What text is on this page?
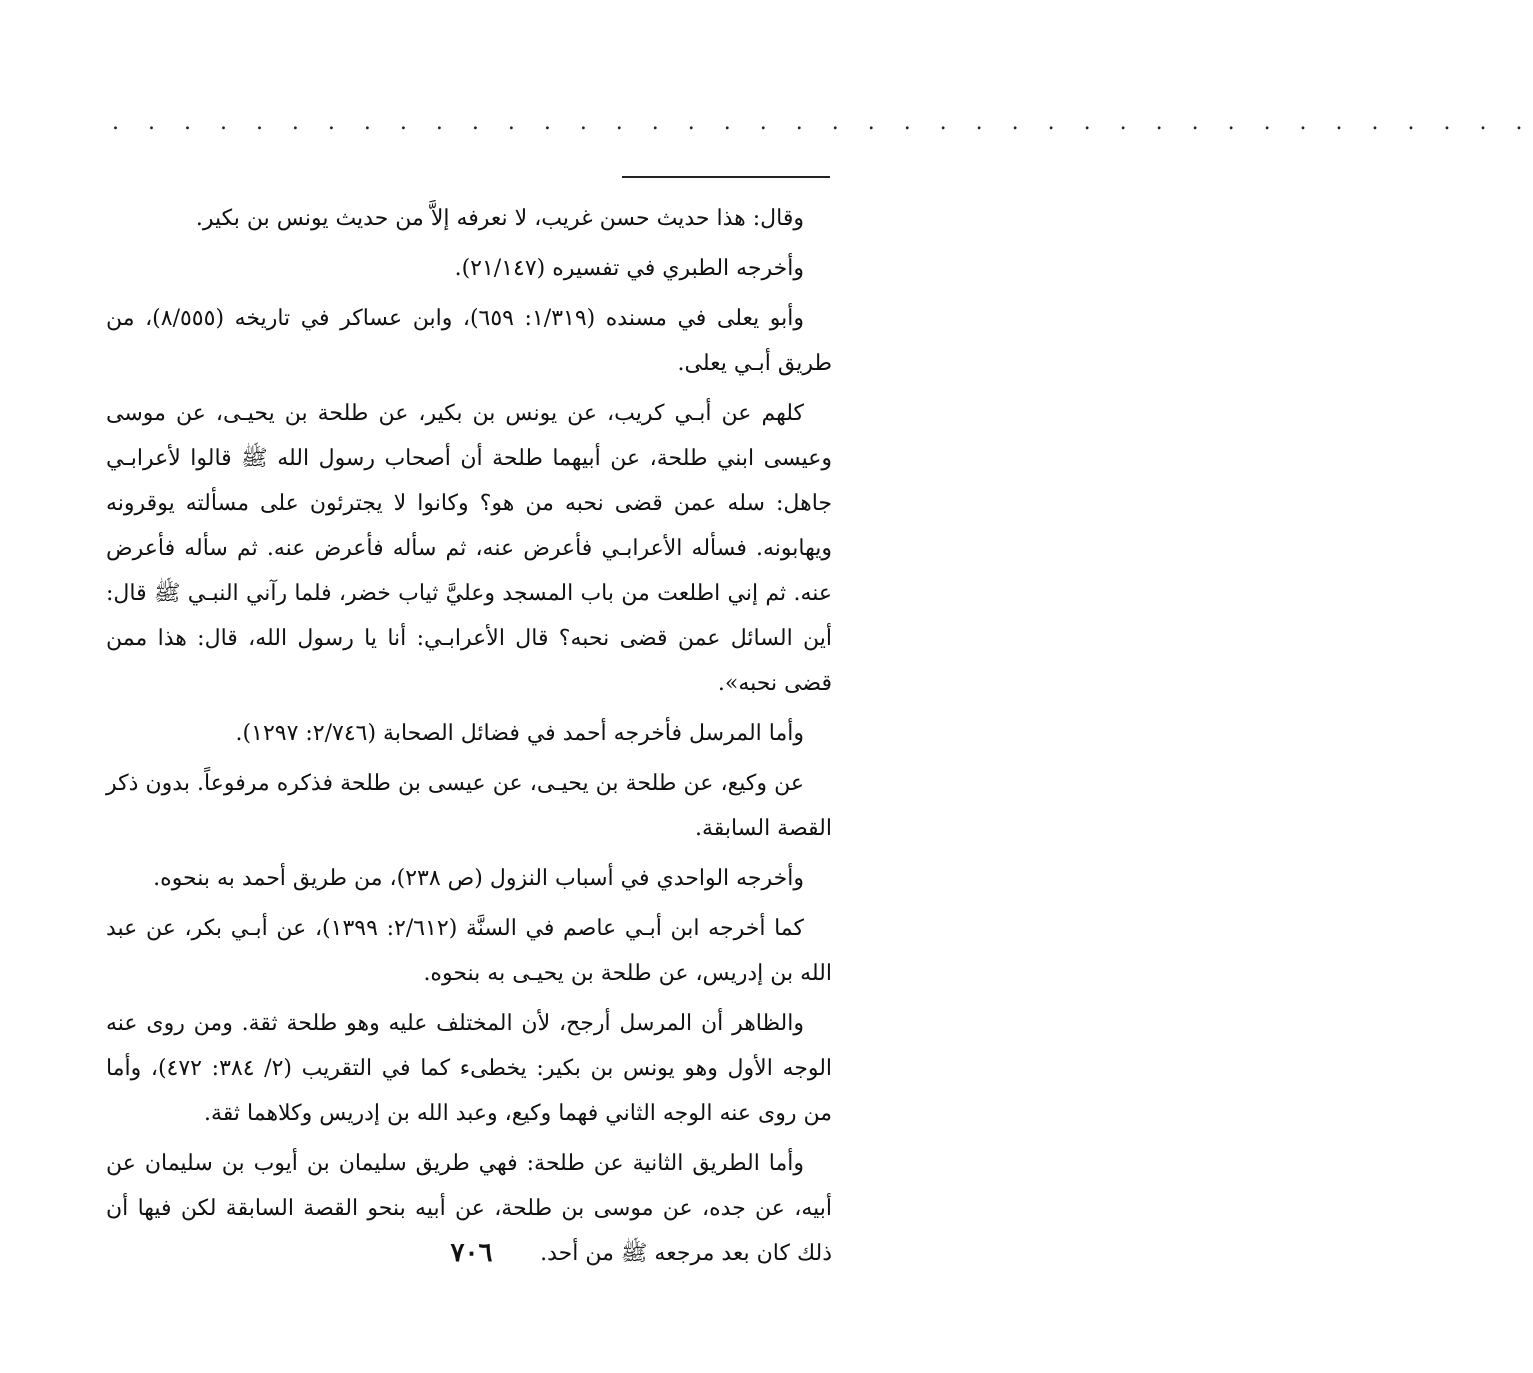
. . . . . . . . . . . . . . . . . . . . . . . . . . . . . . . . . . . . . . . .

وقال: هذا حديث حسن غريب، لا نعرفه إلاَّ من حديث يونس بن بكير.

وأخرجه الطبري في تفسيره (٢١/١٤٧).

وأبو يعلى في مسنده (١/٣١٩: ٦٥٩)، وابن عساكر في تاريخه (٨/٥٥٥)، من طريق أبـي يعلى.

كلهم عن أبـي كريب، عن يونس بن بكير، عن طلحة بن يحيـى، عن موسى وعيسى ابني طلحة، عن أبيهما طلحة أن أصحاب رسول الله ﷺ قالوا لأعرابـي جاهل: سله عمن قضى نحبه من هو؟ وكانوا لا يجترئون على مسألته يوقرونه ويهابونه. فسأله الأعرابـي فأعرض عنه، ثم سأله فأعرض عنه. ثم سأله فأعرض عنه. ثم إني اطلعت من باب المسجد وعليَّ ثياب خضر، فلما رآني النبـي ﷺ قال: أين السائل عمن قضى نحبه؟ قال الأعرابـي: أنا يا رسول الله، قال: هذا ممن قضى نحبه».

وأما المرسل فأخرجه أحمد في فضائل الصحابة (٢/٧٤٦: ١٢٩٧).

عن وكيع، عن طلحة بن يحيـى، عن عيسى بن طلحة فذكره مرفوعاً. بدون ذكر القصة السابقة.

وأخرجه الواحدي في أسباب النزول (ص ٢٣٨)، من طريق أحمد به بنحوه.

كما أخرجه ابن أبـي عاصم في السنَّة (٢/٦١٢: ١٣٩٩)، عن أبـي بكر، عن عبد الله بن إدريس، عن طلحة بن يحيـى به بنحوه.

والظاهر أن المرسل أرجح، لأن المختلف عليه وهو طلحة ثقة. ومن روى عنه الوجه الأول وهو يونس بن بكير: يخطىء كما في التقريب (٢/ ٣٨٤: ٤٧٢)، وأما من روى عنه الوجه الثاني فهما وكيع، وعبد الله بن إدريس وكلاهما ثقة.

وأما الطريق الثانية عن طلحة: فهي طريق سليمان بن أيوب بن سليمان عن أبيه، عن جده، عن موسى بن طلحة، عن أبيه بنحو القصة السابقة لكن فيها أن ذلك كان بعد مرجعه ﷺ من أحد.

٧٠٦
